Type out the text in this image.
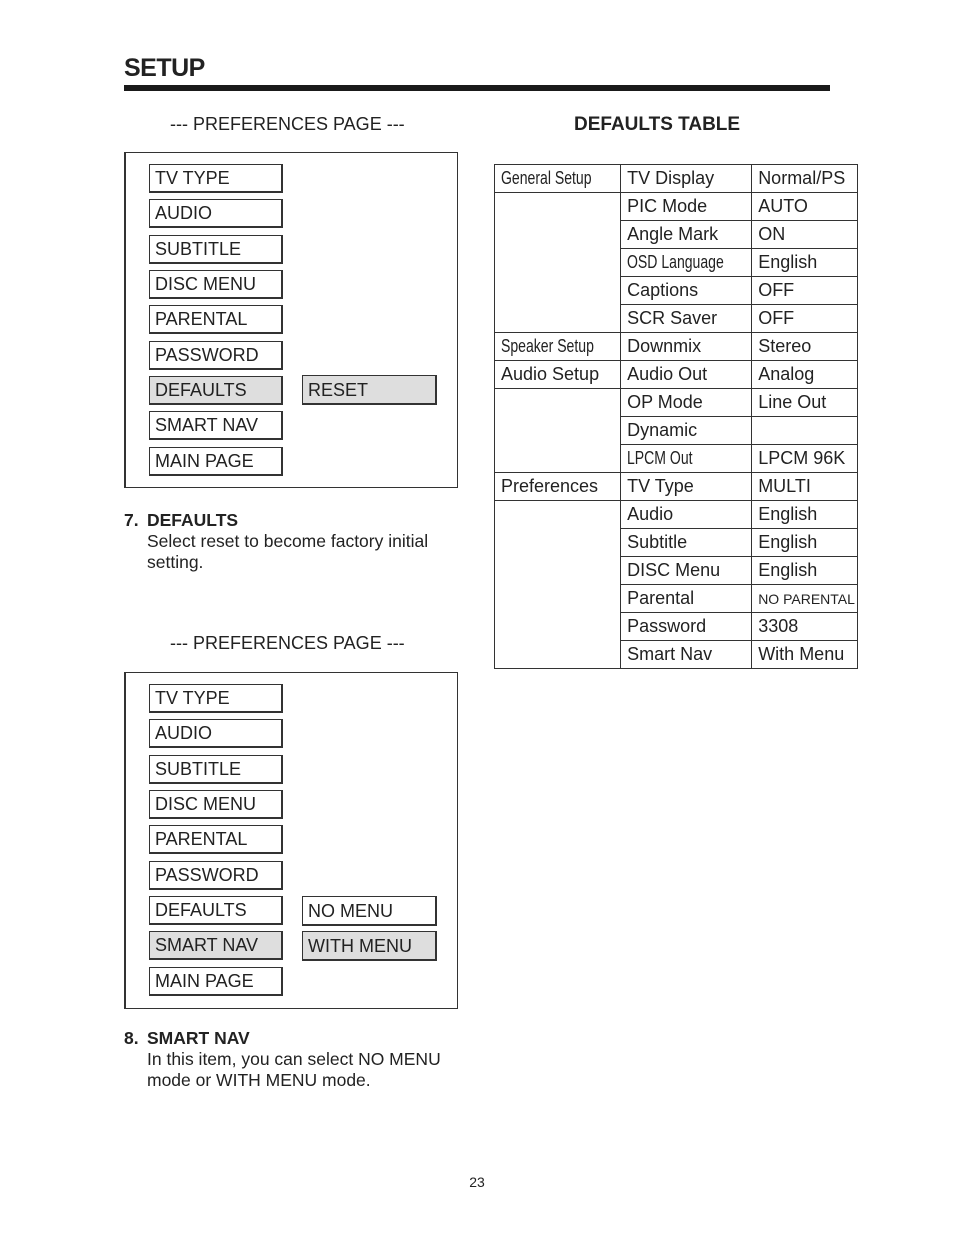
SETUP
--- PREFERENCES PAGE ---
TV TYPE
AUDIO
SUBTITLE
DISC MENU
PARENTAL
PASSWORD
DEFAULTS
SMART NAV
MAIN PAGE
RESET
7. DEFAULTS
Select reset to become factory initial setting.
--- PREFERENCES PAGE ---
TV TYPE
AUDIO
SUBTITLE
DISC MENU
PARENTAL
PASSWORD
DEFAULTS
SMART NAV
MAIN PAGE
NO MENU
WITH MENU
8. SMART NAV
In this item, you can select NO MENU mode or WITH MENU mode.
DEFAULTS TABLE
General Setup	TV Display	Normal/PS
	PIC Mode	AUTO
	Angle Mark	ON
	OSD Language	English
	Captions	OFF
	SCR Saver	OFF
Speaker Setup	Downmix	Stereo
Audio Setup	Audio Out	Analog
	OP Mode	Line Out
	Dynamic	
	LPCM Out	LPCM 96K
Preferences	TV Type	MULTI
	Audio	English
	Subtitle	English
	DISC Menu	English
	Parental	NO PARENTAL
	Password	3308
	Smart Nav	With Menu
23
